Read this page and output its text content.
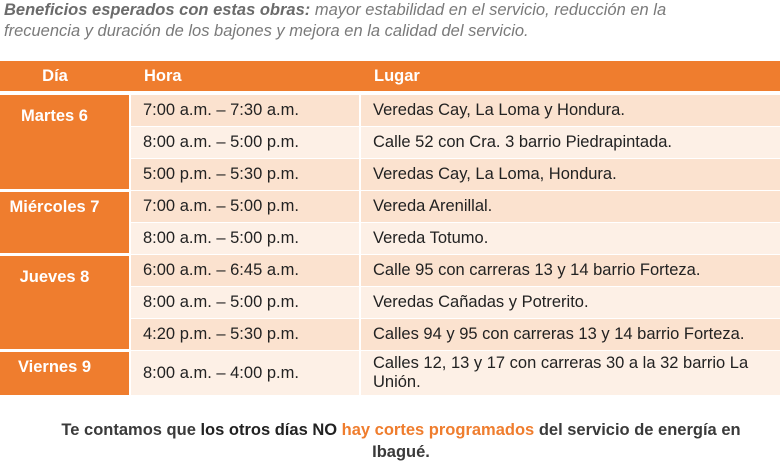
Beneficios esperados con estas obras: mayor estabilidad en el servicio, reducción en la
frecuencia y duración de los bajones y mejora en la calidad del servicio.
Día	Hora	Lugar
Martes 6	7:00 a.m. – 7:30 a.m.	Veredas Cay, La Loma y Hondura.
	8:00 a.m. – 5:00 p.m.	Calle 52 con Cra. 3 barrio Piedrapintada.
	5:00 p.m. – 5:30 p.m.	Veredas Cay, La Loma, Hondura.
Miércoles 7	7:00 a.m. – 5:00 p.m.	Vereda Arenillal.
	8:00 a.m. – 5:00 p.m.	Vereda Totumo.
Jueves 8	6:00 a.m. – 6:45 a.m.	Calle 95 con carreras 13 y 14 barrio Forteza.
	8:00 a.m. – 5:00 p.m.	Veredas Cañadas y Potrerito.
	4:20 p.m. – 5:30 p.m.	Calles 94 y 95 con carreras 13 y 14 barrio Forteza.
Viernes 9	8:00 a.m. – 4:00 p.m.	Calles 12, 13 y 17 con carreras 30 a la 32 barrio La Unión.
Te contamos que los otros días NO hay cortes programados del servicio de energía en
Ibagué.
